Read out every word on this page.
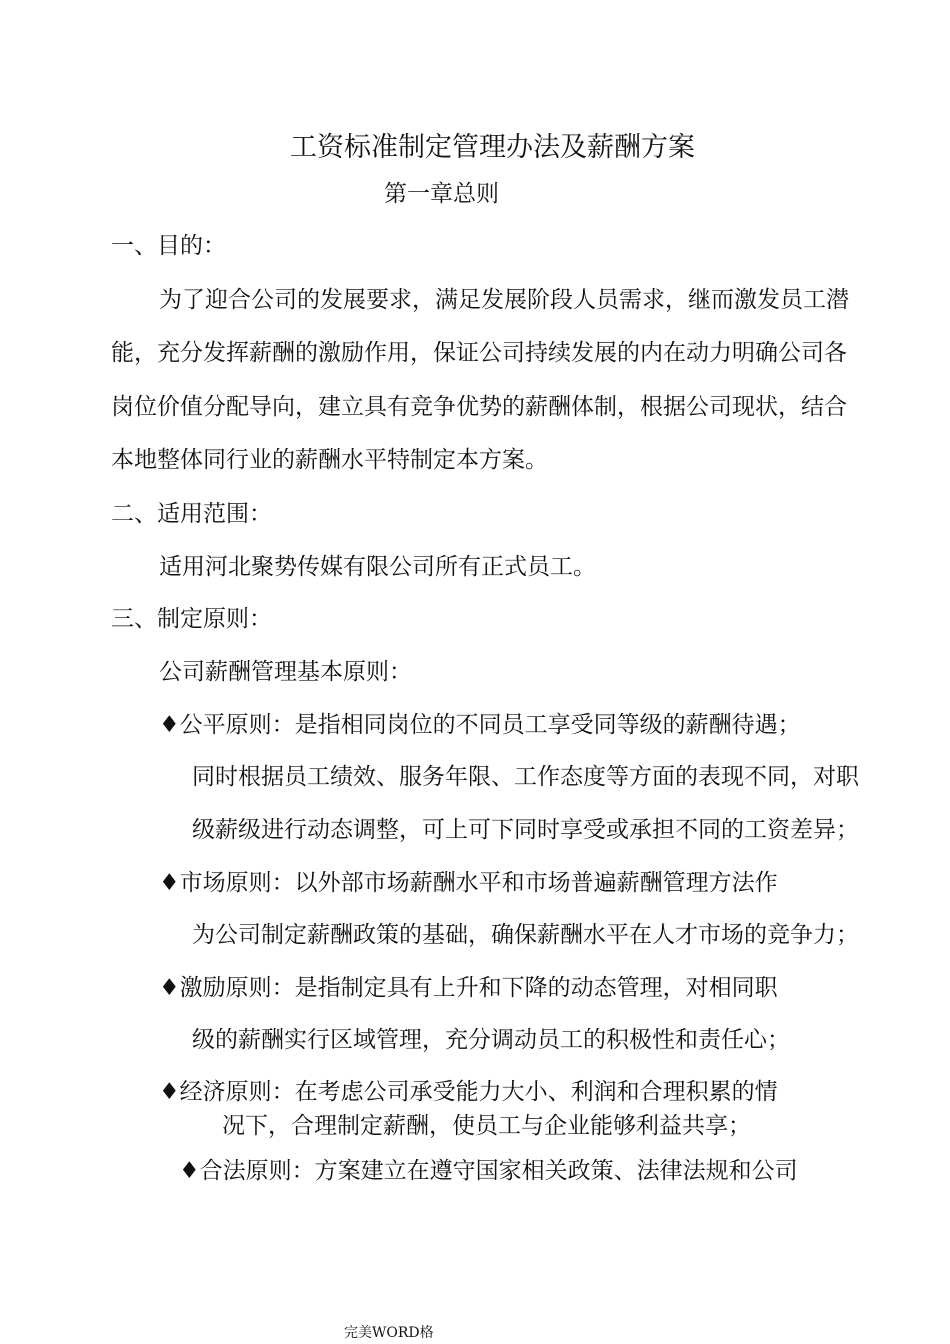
工资标准制定管理办法及薪酬方案
第一章总则
一、目的：
为了迎合公司的发展要求，满足发展阶段人员需求，继而激发员工潜
能，充分发挥薪酬的激励作用，保证公司持续发展的内在动力明确公司各
岗位价值分配导向，建立具有竞争优势的薪酬体制，根据公司现状，结合
本地整体同行业的薪酬水平特制定本方案。
二、适用范围：
适用河北聚势传媒有限公司所有正式员工。
三、制定原则：
公司薪酬管理基本原则：
♦公平原则：是指相同岗位的不同员工享受同等级的薪酬待遇；
同时根据员工绩效、服务年限、工作态度等方面的表现不同，对职
级薪级进行动态调整，可上可下同时享受或承担不同的工资差异；
♦市场原则：以外部市场薪酬水平和市场普遍薪酬管理方法作
为公司制定薪酬政策的基础，确保薪酬水平在人才市场的竞争力；
♦激励原则：是指制定具有上升和下降的动态管理，对相同职
级的薪酬实行区域管理，充分调动员工的积极性和责任心；
♦经济原则：在考虑公司承受能力大小、利润和合理积累的情
况下，合理制定薪酬，使员工与企业能够利益共享；
♦合法原则：方案建立在遵守国家相关政策、法律法规和公司
完美WORD格
